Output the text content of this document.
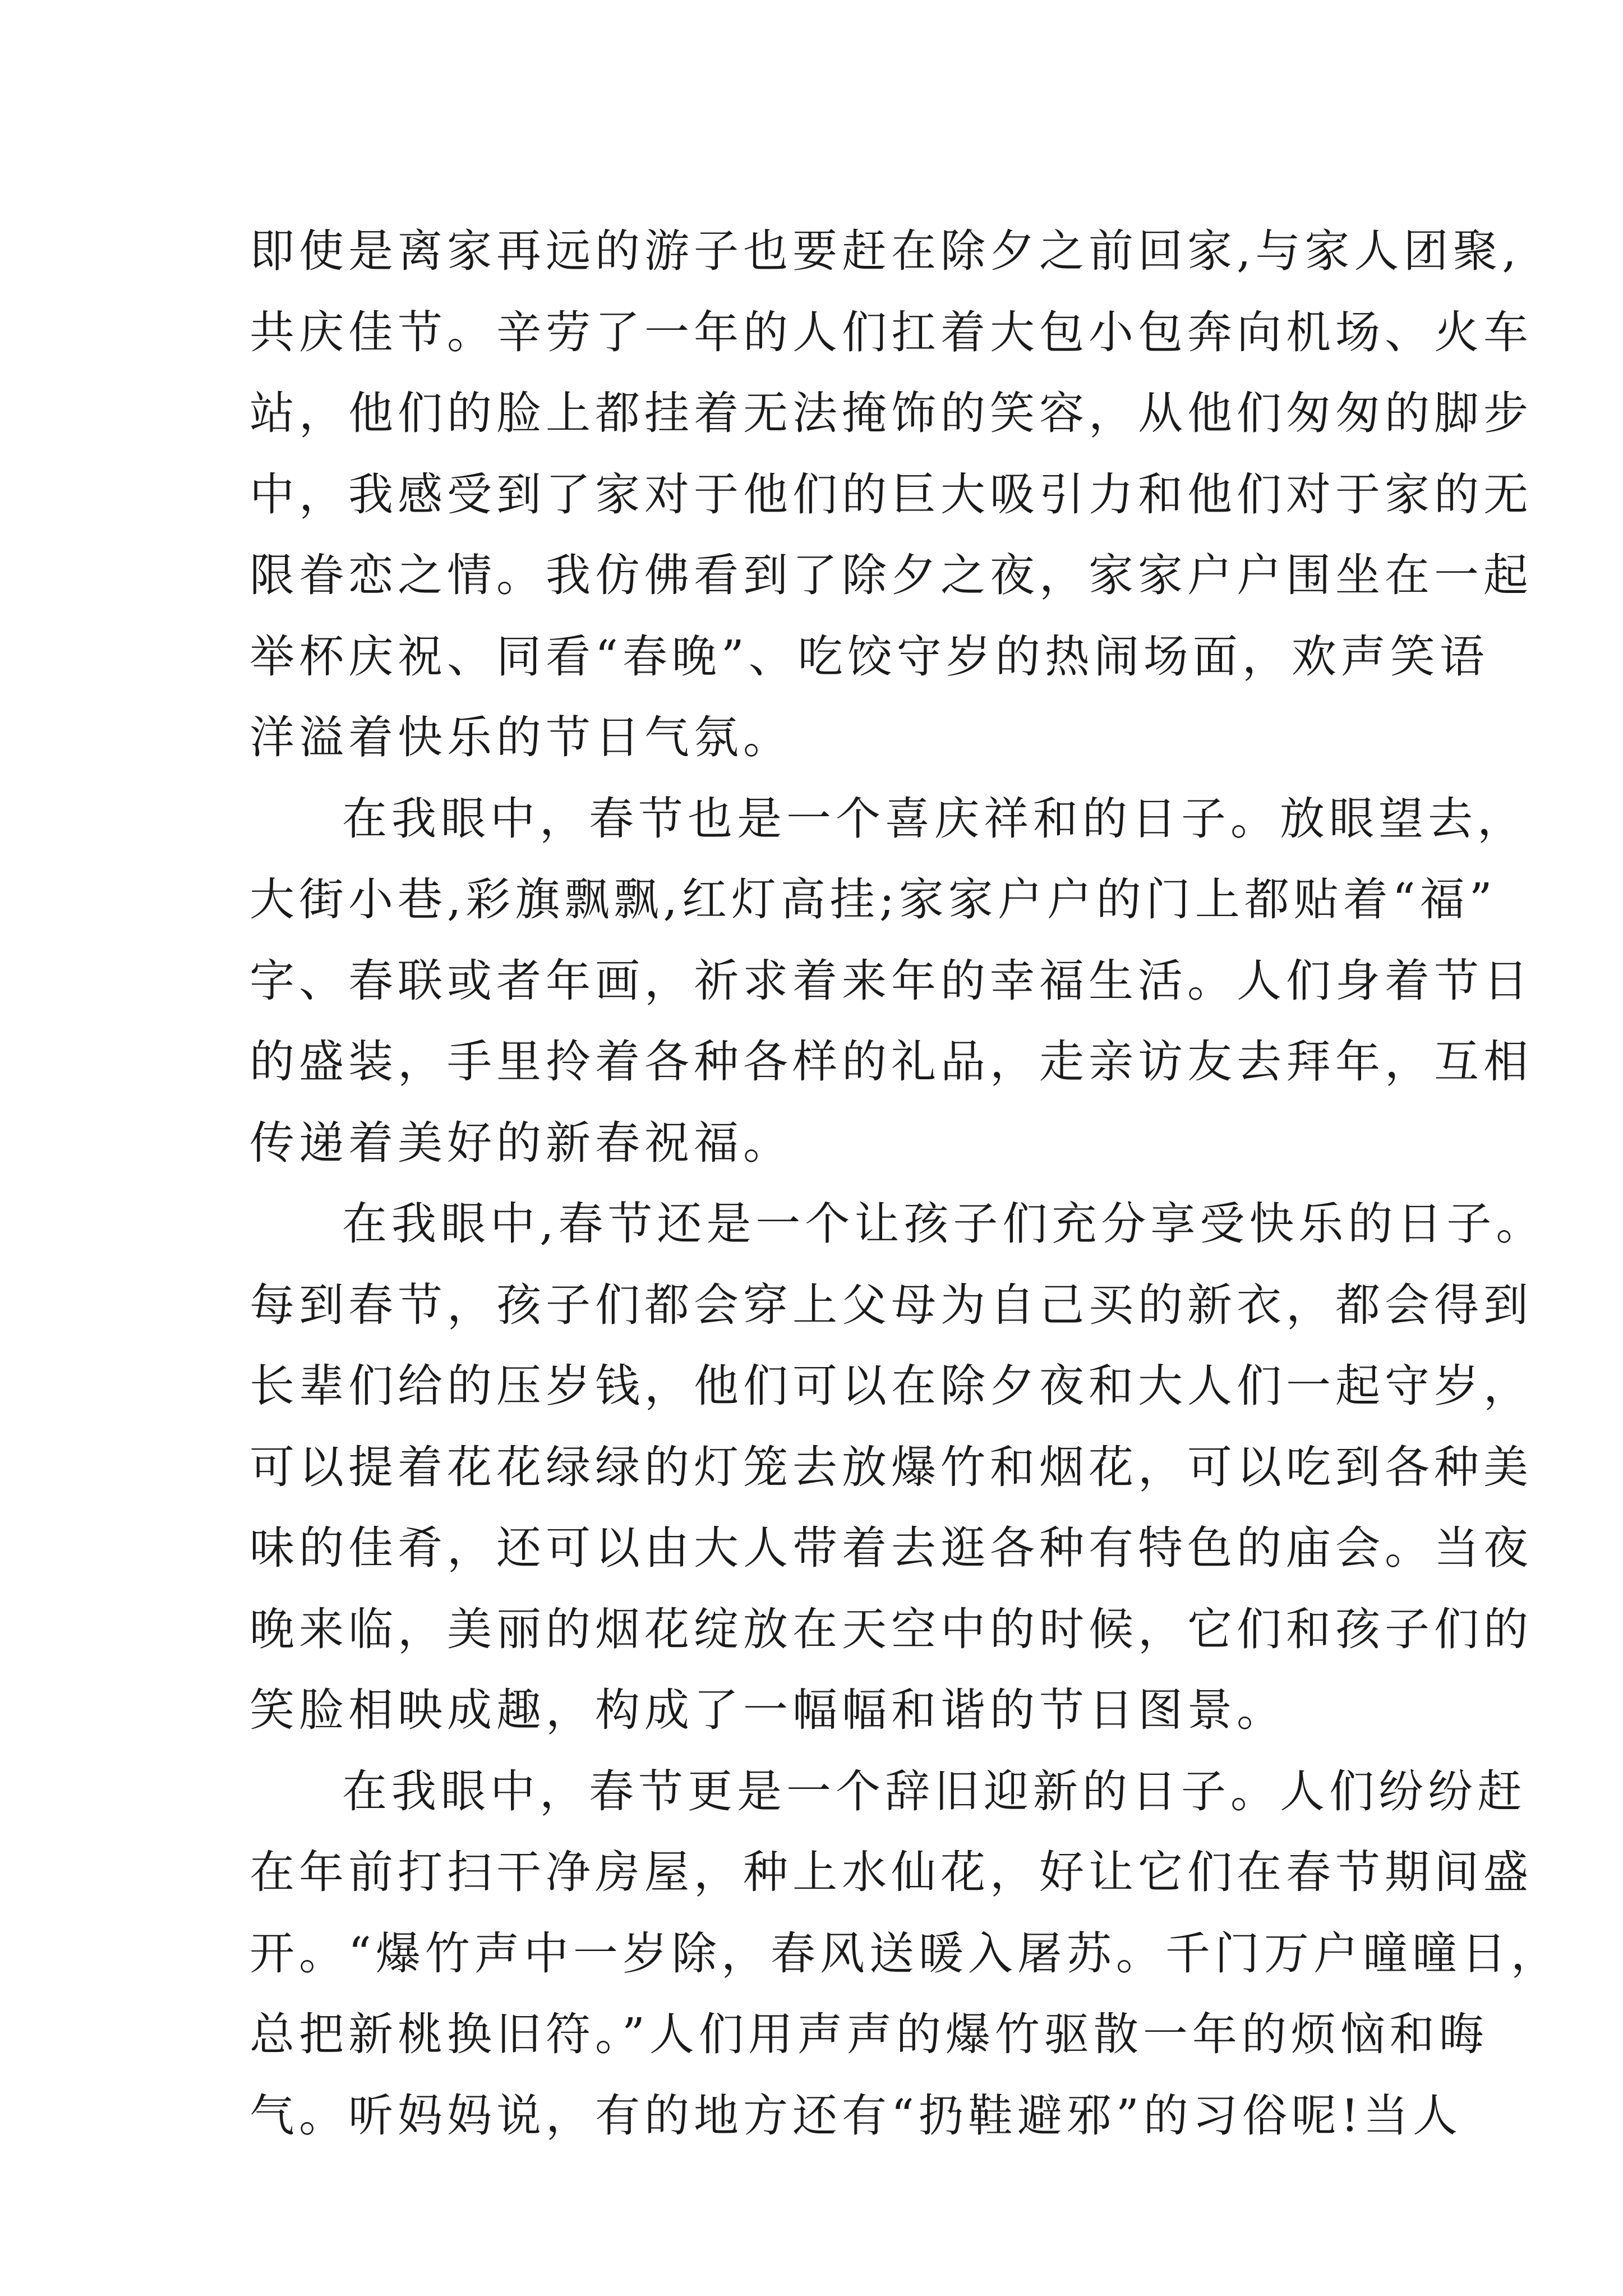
即使是离家再远的游子也要赶在除夕之前回家,与家人团聚,
共庆佳节。辛劳了一年的人们扛着大包小包奔向机场、火车
站，他们的脸上都挂着无法掩饰的笑容，从他们匆匆的脚步
中，我感受到了家对于他们的巨大吸引力和他们对于家的无
限眷恋之情。我仿佛看到了除夕之夜，家家户户围坐在一起
举杯庆祝、同看“春晚”、吃饺守岁的热闹场面，欢声笑语
洋溢着快乐的节日气氛。
在我眼中，春节也是一个喜庆祥和的日子。放眼望去，
大街小巷,彩旗飘飘,红灯高挂;家家户户的门上都贴着“福”
字、春联或者年画，祈求着来年的幸福生活。人们身着节日
的盛装，手里拎着各种各样的礼品，走亲访友去拜年，互相
传递着美好的新春祝福。
在我眼中,春节还是一个让孩子们充分享受快乐的日子。
每到春节，孩子们都会穿上父母为自己买的新衣，都会得到
长辈们给的压岁钱，他们可以在除夕夜和大人们一起守岁，
可以提着花花绿绿的灯笼去放爆竹和烟花，可以吃到各种美
味的佳肴，还可以由大人带着去逛各种有特色的庙会。当夜
晚来临，美丽的烟花绽放在天空中的时候，它们和孩子们的
笑脸相映成趣，构成了一幅幅和谐的节日图景。
在我眼中，春节更是一个辞旧迎新的日子。人们纷纷赶
在年前打扫干净房屋，种上水仙花，好让它们在春节期间盛
开。“爆竹声中一岁除，春风送暖入屠苏。千门万户曈曈日，
总把新桃换旧符。”人们用声声的爆竹驱散一年的烦恼和晦
气。听妈妈说，有的地方还有“扔鞋避邪”的习俗呢!当人
